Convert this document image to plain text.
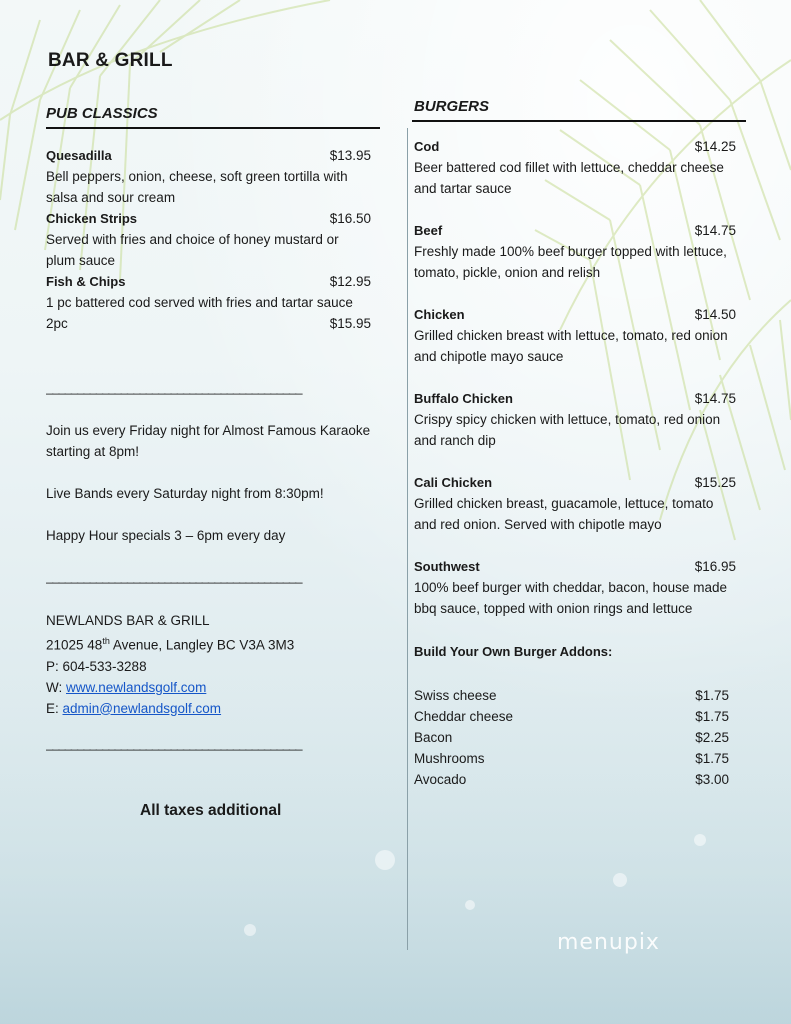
BAR & GRILL
PUB CLASSICS
Quesadilla	$13.95
Bell peppers, onion, cheese, soft green tortilla with salsa and sour cream
Chicken Strips	$16.50
Served with fries and choice of honey mustard or plum sauce
Fish & Chips	$12.95
1 pc battered cod served with fries and tartar sauce
2pc	$15.95
_________________________________________
Join us every Friday night for Almost Famous Karaoke starting at 8pm!
Live Bands every Saturday night from 8:30pm!
Happy Hour specials 3 – 6pm every day
_________________________________________
NEWLANDS BAR & GRILL
21025 48th Avenue, Langley BC V3A 3M3
P: 604-533-3288
W: www.newlandsgolf.com
E: admin@newlandsgolf.com
_________________________________________
All taxes additional
BURGERS
Cod	$14.25
Beer battered cod fillet with lettuce, cheddar cheese and tartar sauce
Beef	$14.75
Freshly made 100% beef burger topped with lettuce, tomato, pickle, onion and relish
Chicken	$14.50
Grilled chicken breast with lettuce, tomato, red onion and chipotle mayo sauce
Buffalo Chicken	$14.75
Crispy spicy chicken with lettuce, tomato, red onion and ranch dip
Cali Chicken	$15.25
Grilled chicken breast, guacamole, lettuce, tomato and red onion. Served with chipotle mayo
Southwest	$16.95
100% beef burger with cheddar, bacon, house made bbq sauce, topped with onion rings and lettuce
Build Your Own Burger Addons:
Swiss cheese	$1.75
Cheddar cheese	$1.75
Bacon	$2.25
Mushrooms	$1.75
Avocado	$3.00
menupix
